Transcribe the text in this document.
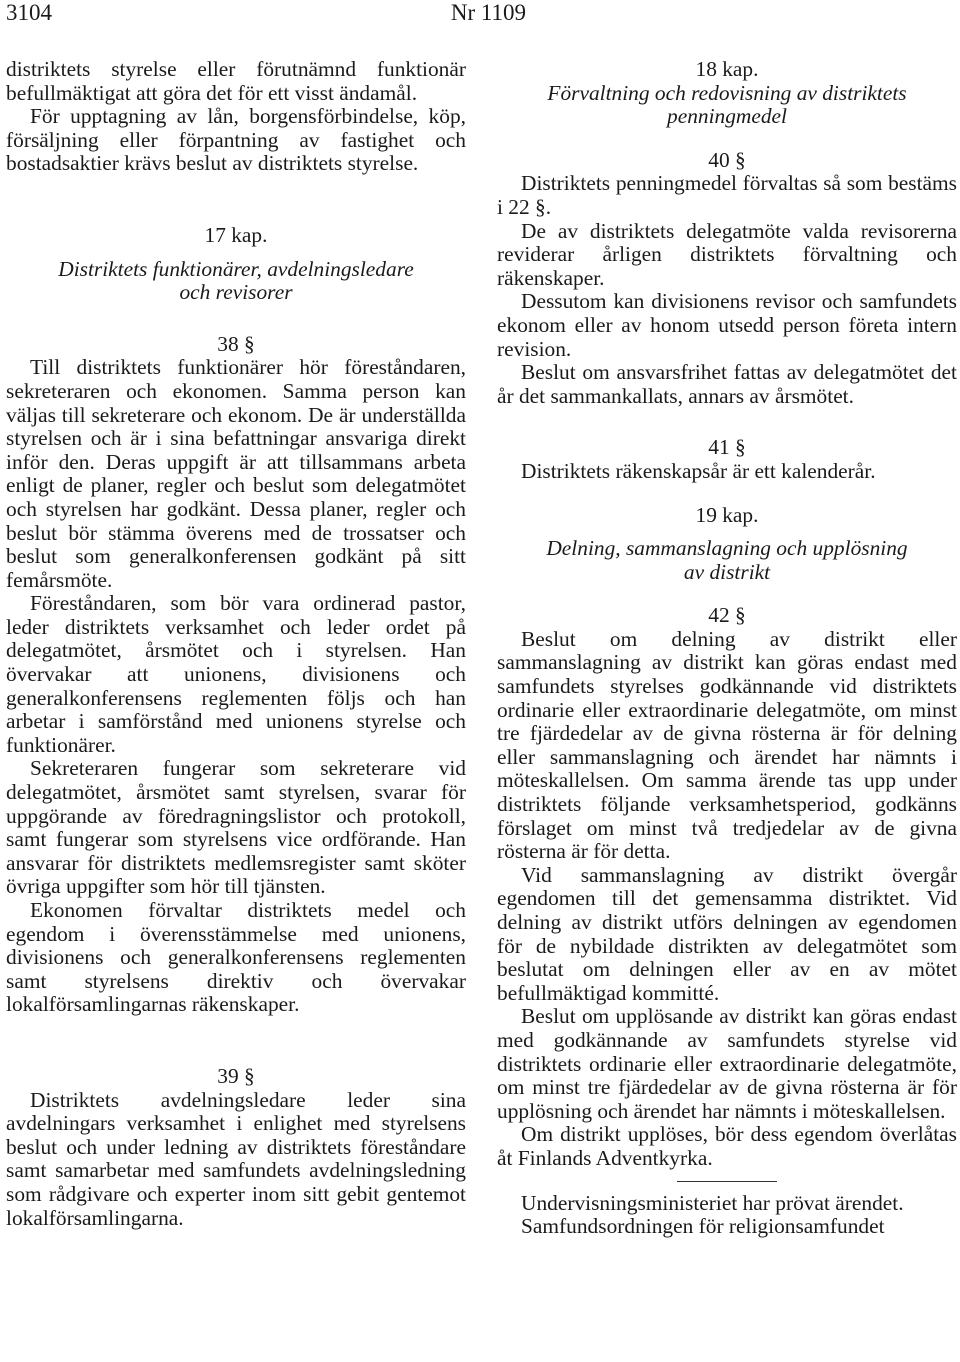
3104	Nr 1109

distriktets styrelse eller förutnämnd funktionär befullmäktigat att göra det för ett visst ändamål.

För upptagning av lån, borgensförbindelse, köp, försäljning eller förpantning av fastighet och bostadsaktier krävs beslut av distriktets styrelse.

17 kap.
Distriktets funktionärer, avdelningsledare
och revisorer
38 §

Till distriktets funktionärer hör föreståndaren, sekreteraren och ekonomen. Samma person kan väljas till sekreterare och ekonom. De är underställda styrelsen och är i sina befattningar ansvariga direkt inför den. Deras uppgift är att tillsammans arbeta enligt de planer, regler och beslut som delegatmötet och styrelsen har godkänt. Dessa planer, regler och beslut bör stämma överens med de trossatser och beslut som generalkonferensen godkänt på sitt femårsmöte.

Föreståndaren, som bör vara ordinerad pastor, leder distriktets verksamhet och leder ordet på delegatmötet, årsmötet och i styrelsen. Han övervakar att unionens, divisionens och generalkonferensens reglementen följs och han arbetar i samförstånd med unionens styrelse och funktionärer.

Sekreteraren fungerar som sekreterare vid delegatmötet, årsmötet samt styrelsen, svarar för uppgörande av föredragningslistor och protokoll, samt fungerar som styrelsens vice ordförande. Han ansvarar för distriktets medlemsregister samt sköter övriga uppgifter som hör till tjänsten.

Ekonomen förvaltar distriktets medel och egendom i överensstämmelse med unionens, divisionens och generalkonferensens reglementen samt styrelsens direktiv och övervakar lokalförsamlingarnas räkenskaper.

39 §

Distriktets avdelningsledare leder sina avdelningars verksamhet i enlighet med styrelsens beslut och under ledning av distriktets föreståndare samt samarbetar med samfundets avdelningsledning som rådgivare och experter inom sitt gebit gentemot lokalförsamlingarna.

18 kap.
Förvaltning och redovisning av distriktets
penningmedel
40 §

Distriktets penningmedel förvaltas så som bestäms i 22 §.

De av distriktets delegatmöte valda revisorerna reviderar årligen distriktets förvaltning och räkenskaper.

Dessutom kan divisionens revisor och samfundets ekonom eller av honom utsedd person företa intern revision.

Beslut om ansvarsfrihet fattas av delegatmötet det år det sammankallats, annars av årsmötet.

41 §

Distriktets räkenskapsår är ett kalenderår.

19 kap.
Delning, sammanslagning och upplösning
av distrikt
42 §

Beslut om delning av distrikt eller sammanslagning av distrikt kan göras endast med samfundets styrelses godkännande vid distriktets ordinarie eller extraordinarie delegatmöte, om minst tre fjärdedelar av de givna rösterna är för delning eller sammanslagning och ärendet har nämnts i möteskallelsen. Om samma ärende tas upp under distriktets följande verksamhetsperiod, godkänns förslaget om minst två tredjedelar av de givna rösterna är för detta.

Vid sammanslagning av distrikt övergår egendomen till det gemensamma distriktet. Vid delning av distrikt utförs delningen av egendomen för de nybildade distrikten av delegatmötet som beslutat om delningen eller av en av mötet befullmäktigad kommitté.

Beslut om upplösande av distrikt kan göras endast med godkännande av samfundets styrelse vid distriktets ordinarie eller extraordinarie delegatmöte, om minst tre fjärdedelar av de givna rösterna är för upplösning och ärendet har nämnts i möteskallelsen.

Om distrikt upplöses, bör dess egendom överlåtas åt Finlands Adventkyrka.

Undervisningsministeriet har prövat ärendet.

Samfundsordningen för religionsamfundet
